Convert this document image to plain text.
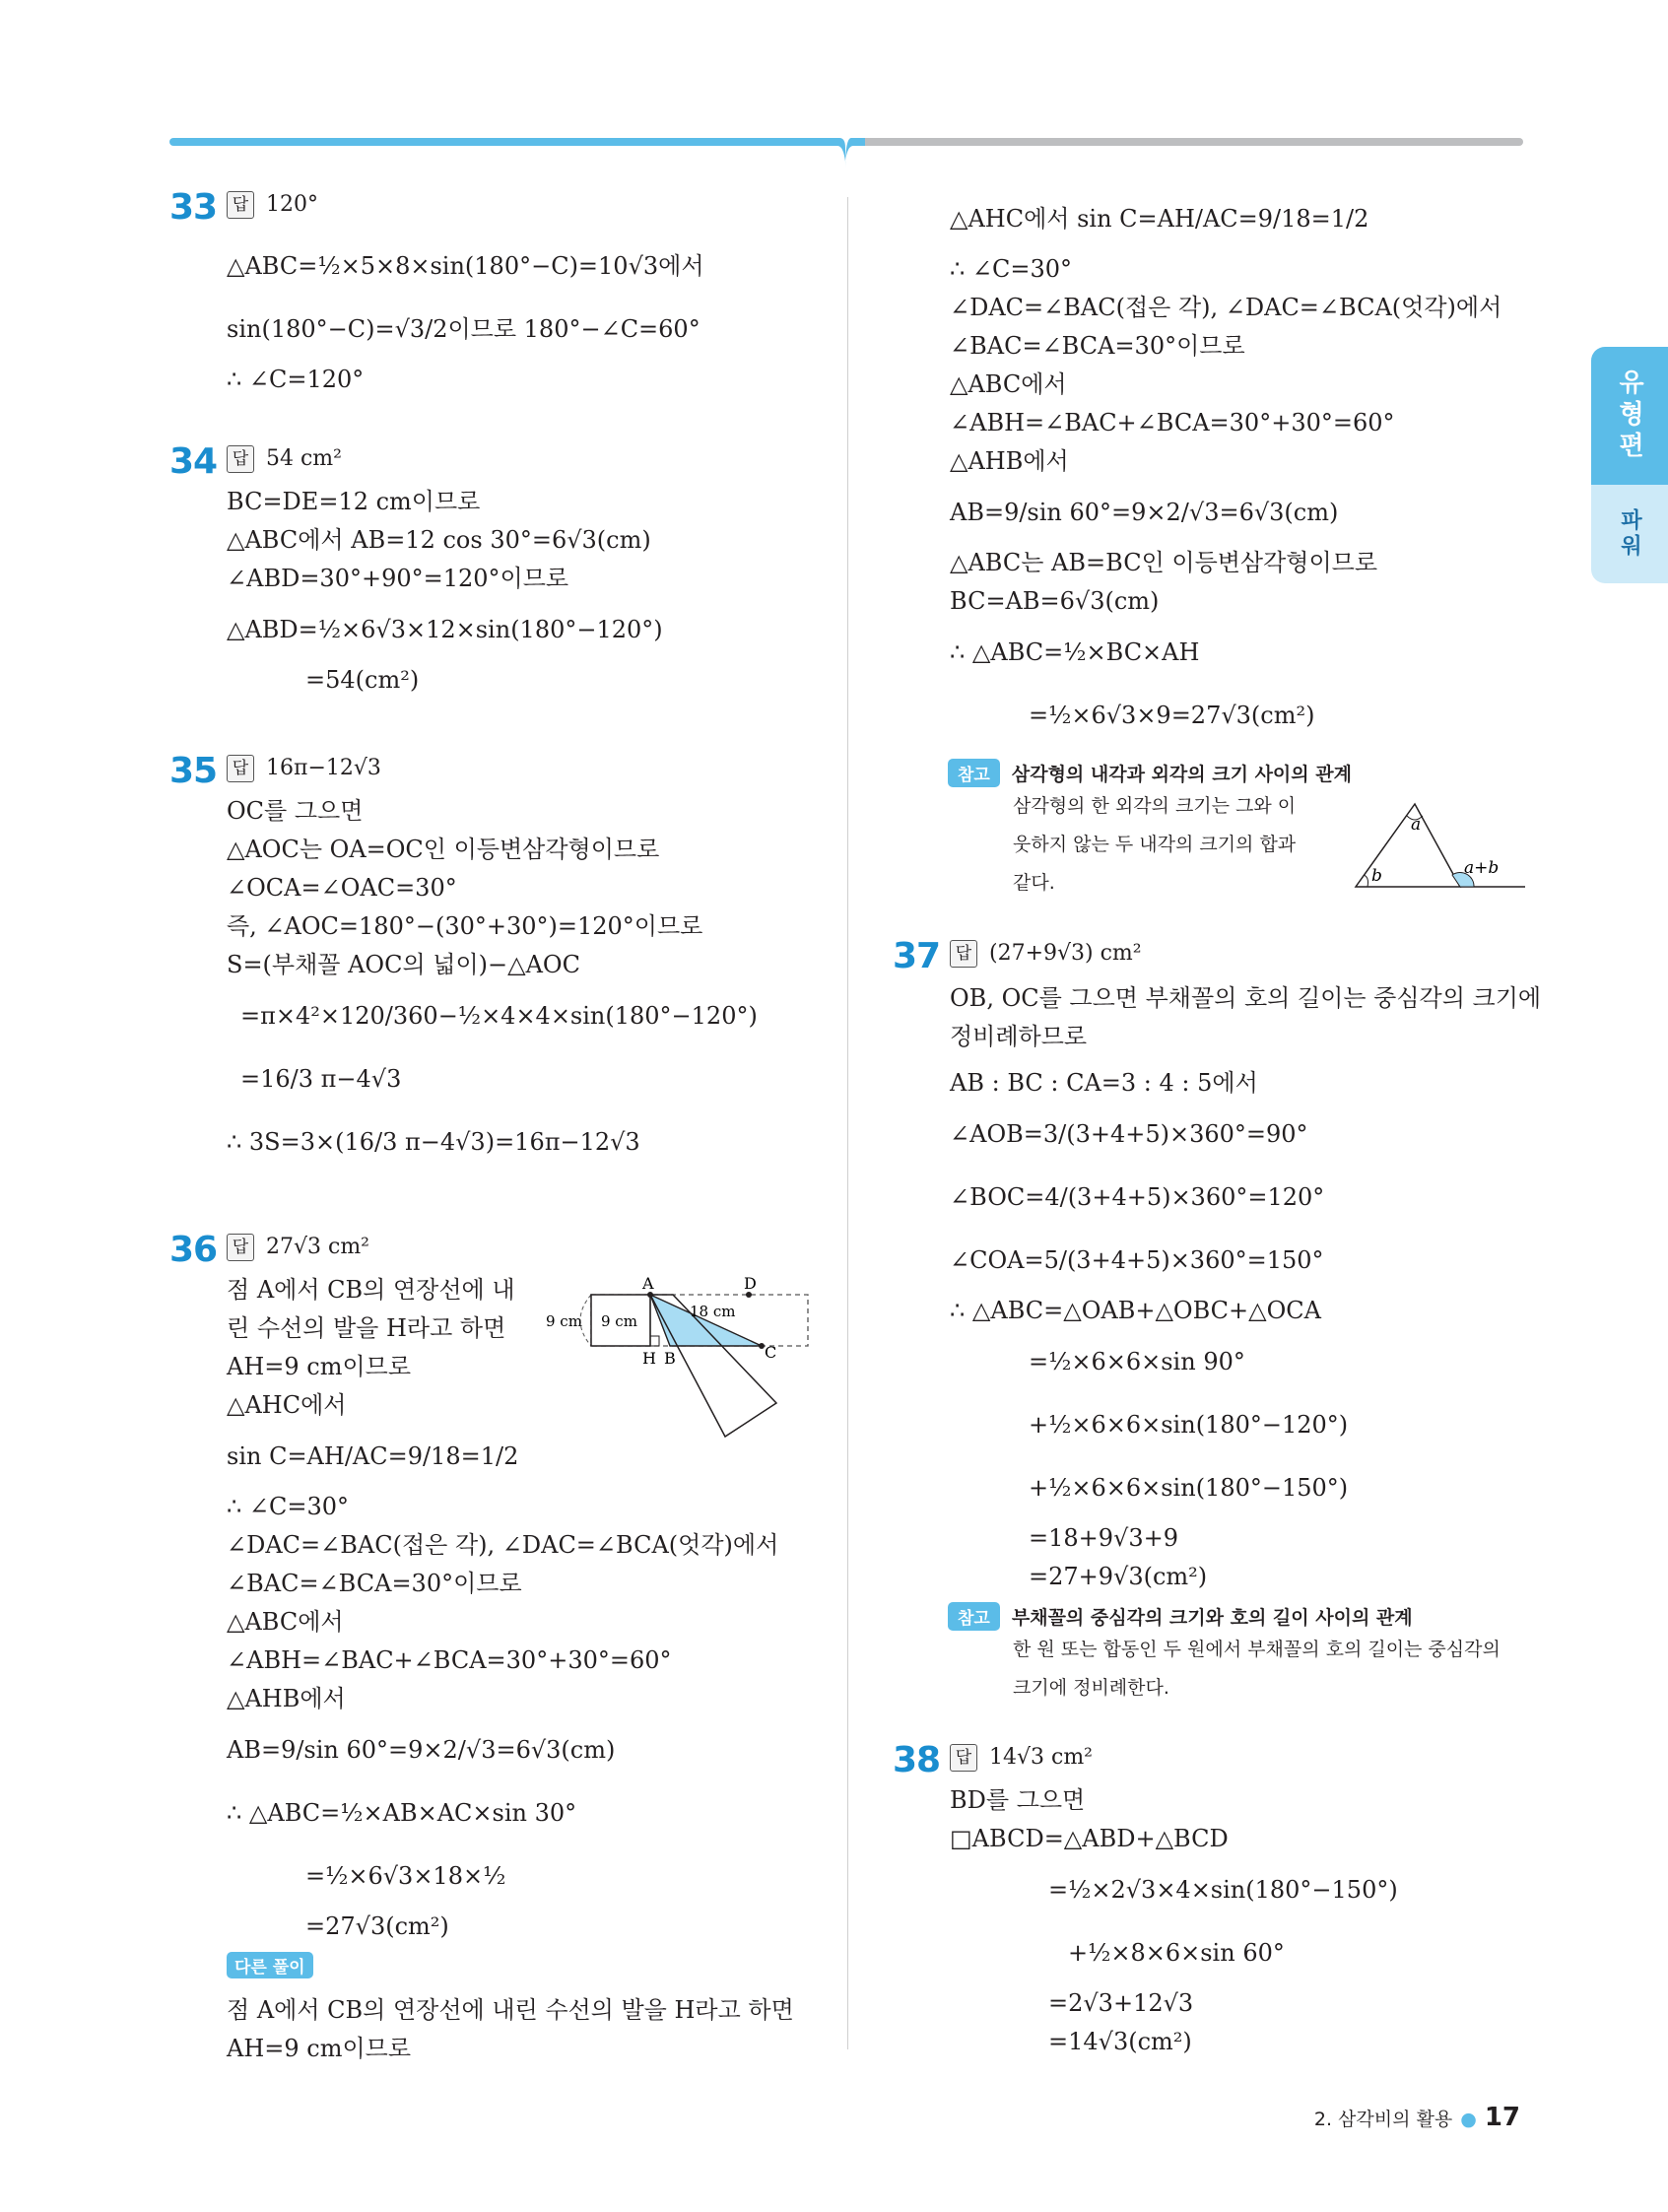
유형편
파워
33 답 120°
△ABC=½×5×8×sin(180°−C)=10√3에서
sin(180°−C)=√3/2이므로 180°−∠C=60°
∴ ∠C=120°
34 답 54 cm²
BC=DE=12 cm이므로
△ABC에서 AB=12 cos 30°=6√3(cm)
∠ABD=30°+90°=120°이므로
△ABD=½×6√3×12×sin(180°−120°)
=54(cm²)
35 답 16π−12√3
OC를 그으면
△AOC는 OA=OC인 이등변삼각형이므로
∠OCA=∠OAC=30°
즉, ∠AOC=180°−(30°+30°)=120°이므로
S=(부채꼴 AOC의 넓이)−△AOC
=π×4²×120/360−½×4×4×sin(180°−120°)
=16/3 π−4√3
∴ 3S=3×(16/3 π−4√3)=16π−12√3
36 답 27√3 cm²
점 A에서 CB의 연장선에 내
린 수선의 발을 H라고 하면
AH=9 cm이므로
△AHC에서
sin C=AH/AC=9/18=1/2
∴ ∠C=30°
∠DAC=∠BAC(접은 각), ∠DAC=∠BCA(엇각)에서
∠BAC=∠BCA=30°이므로
△ABC에서
∠ABH=∠BAC+∠BCA=30°+30°=60°
△AHB에서
AB=9/sin 60°=9×2/√3=6√3(cm)
∴ △ABC=½×AB×AC×sin 30°
=½×6√3×18×½
=27√3(cm²)
다른 풀이
점 A에서 CB의 연장선에 내린 수선의 발을 H라고 하면
AH=9 cm이므로
A	D
C
H B
9 cm 9 cm
18 cm
△AHC에서 sin C=AH/AC=9/18=1/2
∴ ∠C=30°
∠DAC=∠BAC(접은 각), ∠DAC=∠BCA(엇각)에서
∠BAC=∠BCA=30°이므로
△ABC에서
∠ABH=∠BAC+∠BCA=30°+30°=60°
△AHB에서
AB=9/sin 60°=9×2/√3=6√3(cm)
△ABC는 AB=BC인 이등변삼각형이므로
BC=AB=6√3(cm)
∴ △ABC=½×BC×AH
=½×6√3×9=27√3(cm²)
참고 삼각형의 내각과 외각의 크기 사이의 관계
삼각형의 한 외각의 크기는 그와 이
웃하지 않는 두 내각의 크기의 합과
같다.
a
b	a+b
37 답 (27+9√3) cm²
OB, OC를 그으면 부채꼴의 호의 길이는 중심각의 크기에
정비례하므로
AB : BC : CA=3 : 4 : 5에서
∠AOB=3/(3+4+5)×360°=90°
∠BOC=4/(3+4+5)×360°=120°
∠COA=5/(3+4+5)×360°=150°
∴ △ABC=△OAB+△OBC+△OCA
=½×6×6×sin 90°
+½×6×6×sin(180°−120°)
+½×6×6×sin(180°−150°)
=18+9√3+9
=27+9√3(cm²)
참고 부채꼴의 중심각의 크기와 호의 길이 사이의 관계
한 원 또는 합동인 두 원에서 부채꼴의 호의 길이는 중심각의
크기에 정비례한다.
38 답 14√3 cm²
BD를 그으면
□ABCD=△ABD+△BCD
=½×2√3×4×sin(180°−150°)
+½×8×6×sin 60°
=2√3+12√3
=14√3(cm²)
2. 삼각비의 활용 ● 17
